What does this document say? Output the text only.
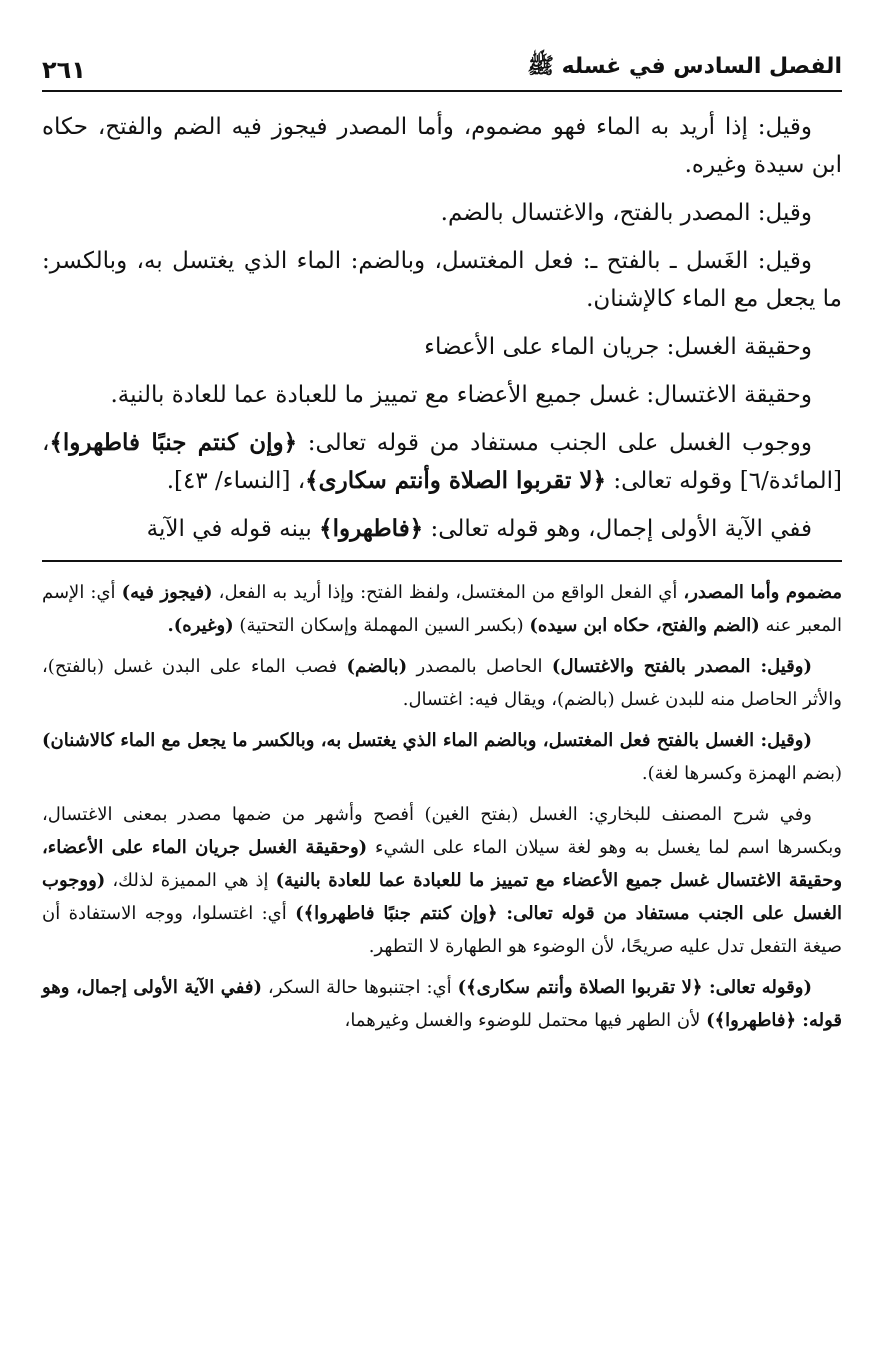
الفصل السادس في غسله ﷺ
٢٦١

وقيل: إذا أريد به الماء فهو مضموم، وأما المصدر فيجوز فيه الضم والفتح، حكاه ابن سيدة وغيره.

وقيل: المصدر بالفتح، والاغتسال بالضم.

وقيل: الغَسل ـ بالفتح ـ: فعل المغتسل، وبالضم: الماء الذي يغتسل به، وبالكسر: ما يجعل مع الماء كالإشنان.

وحقيقة الغسل: جريان الماء على الأعضاء

وحقيقة الاغتسال: غسل جميع الأعضاء مع تمييز ما للعبادة عما للعادة بالنية.

ووجوب الغسل على الجنب مستفاد من قوله تعالى: ﴿وإن كنتم جنبًا فاطهروا﴾، [المائدة/٦] وقوله تعالى: ﴿لا تقربوا الصلاة وأنتم سكارى﴾، [النساء/ ٤٣].

ففي الآية الأولى إجمال، وهو قوله تعالى: ﴿فاطهروا﴾ بينه قوله في الآية

مضموم وأما المصدر، أي الفعل الواقع من المغتسل، ولفظ الفتح: وإذا أريد به الفعل، (فيجوز فيه) أي: الإسم المعبر عنه (الضم والفتح، حكاه ابن سيده) (بكسر السين المهملة وإسكان التحتية) (وغيره).

(وقيل: المصدر بالفتح والاغتسال) الحاصل بالمصدر (بالضم) فصب الماء على البدن غسل (بالفتح)، والأثر الحاصل منه للبدن غسل (بالضم)، ويقال فيه: اغتسال.

(وقيل: الغسل بالفتح فعل المغتسل، وبالضم الماء الذي يغتسل به، وبالكسر ما يجعل مع الماء كالاشنان) (بضم الهمزة وكسرها لغة).

وفي شرح المصنف للبخاري: الغسل (بفتح الغين) أفصح وأشهر من ضمها مصدر بمعنى الاغتسال، وبكسرها اسم لما يغسل به وهو لغة سيلان الماء على الشيء (وحقيقة الغسل جريان الماء على الأعضاء، وحقيقة الاغتسال غسل جميع الأعضاء مع تمييز ما للعبادة عما للعادة بالنية) إذ هي المميزة لذلك، (ووجوب الغسل على الجنب مستفاد من قوله تعالى: ﴿وإن كنتم جنبًا فاطهروا﴾) أي: اغتسلوا، ووجه الاستفادة أن صيغة التفعل تدل عليه صريحًا، لأن الوضوء هو الطهارة لا التطهر.

(وقوله تعالى: ﴿لا تقربوا الصلاة وأنتم سكارى﴾) أي: اجتنبوها حالة السكر، (ففي الآية الأولى إجمال، وهو قوله: ﴿فاطهروا﴾) لأن الطهر فيها محتمل للوضوء والغسل وغيرهما،
